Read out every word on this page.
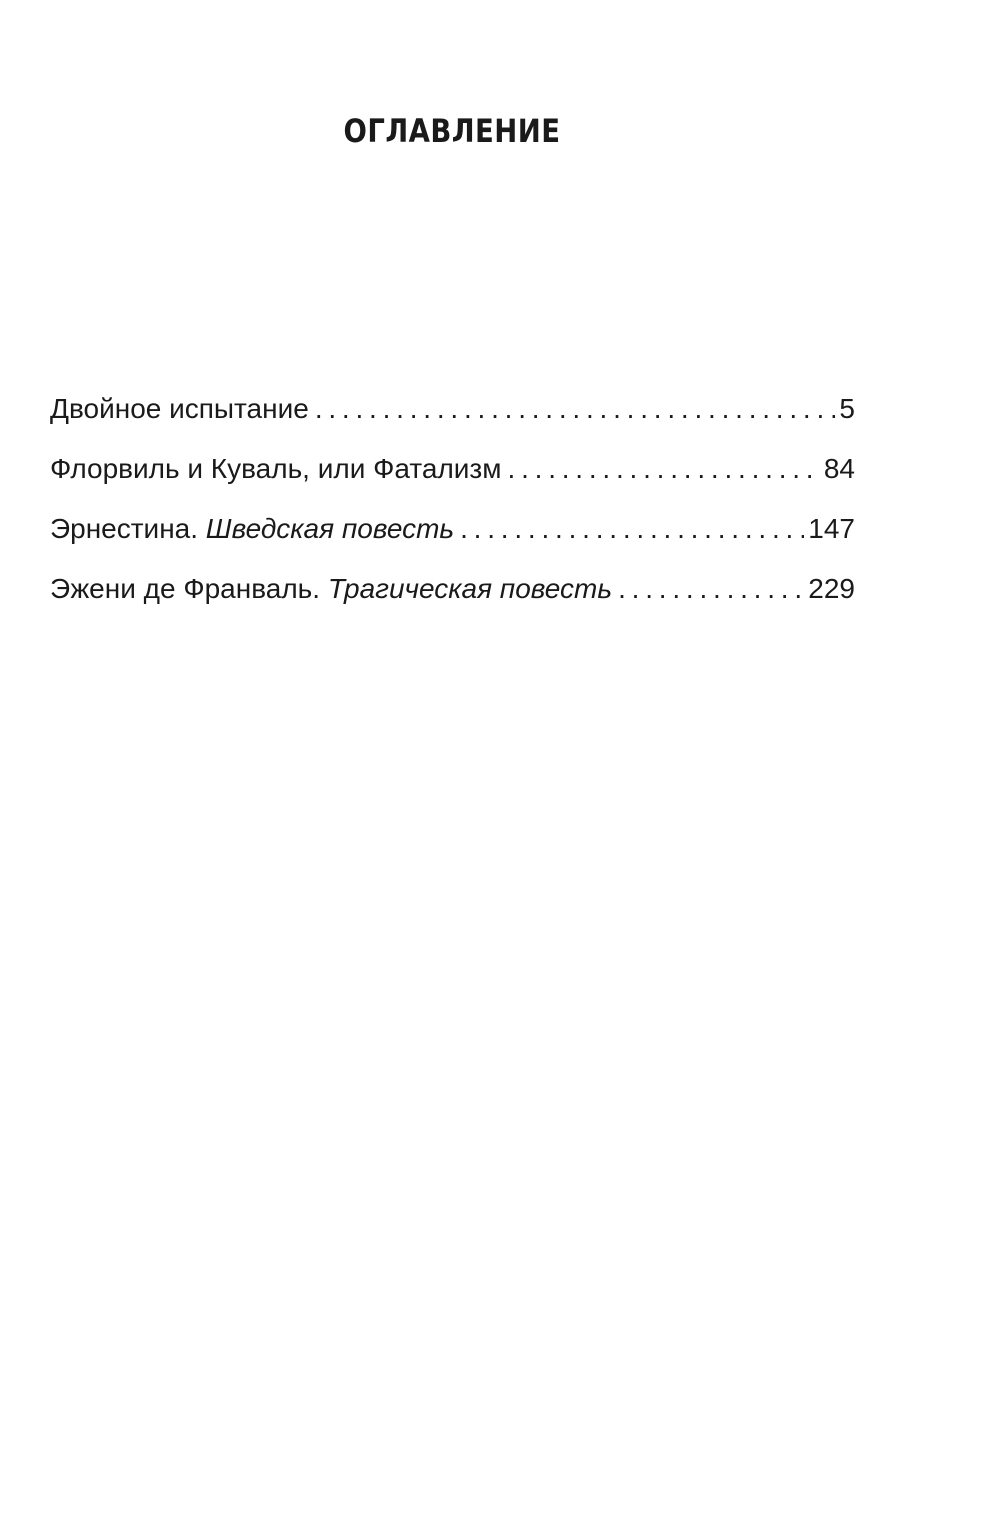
ОГЛАВЛЕНИЕ
Двойное испытание . . .	5
Флорвиль и Куваль, или Фатализм . . .	84
Эрнестина. Шведская повесть . . .	147
Эжени де Франваль. Трагическая повесть . . .	229
